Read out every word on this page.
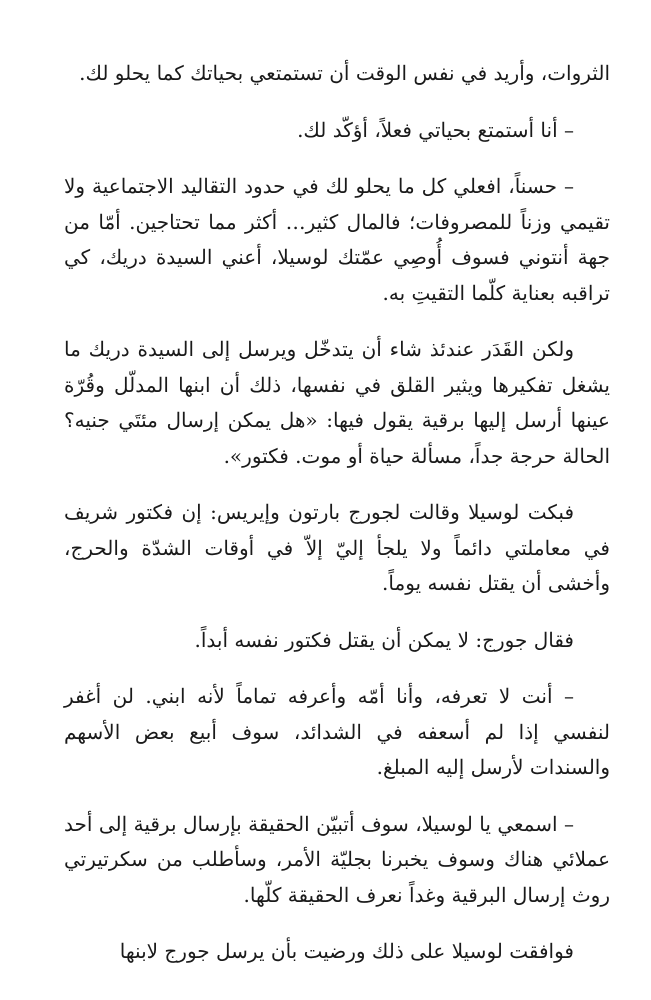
الثروات، وأريد في نفس الوقت أن تستمتعي بحياتك كما يحلو لك.

– أنا أستمتع بحياتي فعلاً، أؤكّد لك.

– حسناً، افعلي كل ما يحلو لك في حدود التقاليد الاجتماعية ولا تقيمي وزناً للمصروفات؛ فالمال كثير… أكثر مما تحتاجين. أمّا من جهة أنتوني فسوف أُوصِي عمّتك لوسيلا، أعني السيدة دريك، كي تراقبه بعناية كلّما التقيتِ به.

ولكن القَدَر عندئذ شاء أن يتدخّل ويرسل إلى السيدة دريك ما يشغل تفكيرها ويثير القلق في نفسها، ذلك أن ابنها المدلّل وقُرّة عينها أرسل إليها برقية يقول فيها: «هل يمكن إرسال مئتَي جنيه؟ الحالة حرجة جداً، مسألة حياة أو موت. فكتور».

فبكت لوسيلا وقالت لجورج بارتون وإيريس: إن فكتور شريف في معاملتي دائماً ولا يلجأ إليّ إلاّ في أوقات الشدّة والحرج، وأخشى أن يقتل نفسه يوماً.

فقال جورج: لا يمكن أن يقتل فكتور نفسه أبداً.

– أنت لا تعرفه، وأنا أمّه وأعرفه تماماً لأنه ابني. لن أغفر لنفسي إذا لم أسعفه في الشدائد، سوف أبيع بعض الأسهم والسندات لأرسل إليه المبلغ.

– اسمعي يا لوسيلا، سوف أتبيّن الحقيقة بإرسال برقية إلى أحد عملائي هناك وسوف يخبرنا بجليّة الأمر، وسأطلب من سكرتيرتي روث إرسال البرقية وغداً نعرف الحقيقة كلّها.

فوافقت لوسيلا على ذلك ورضيت بأن يرسل جورج لابنها
